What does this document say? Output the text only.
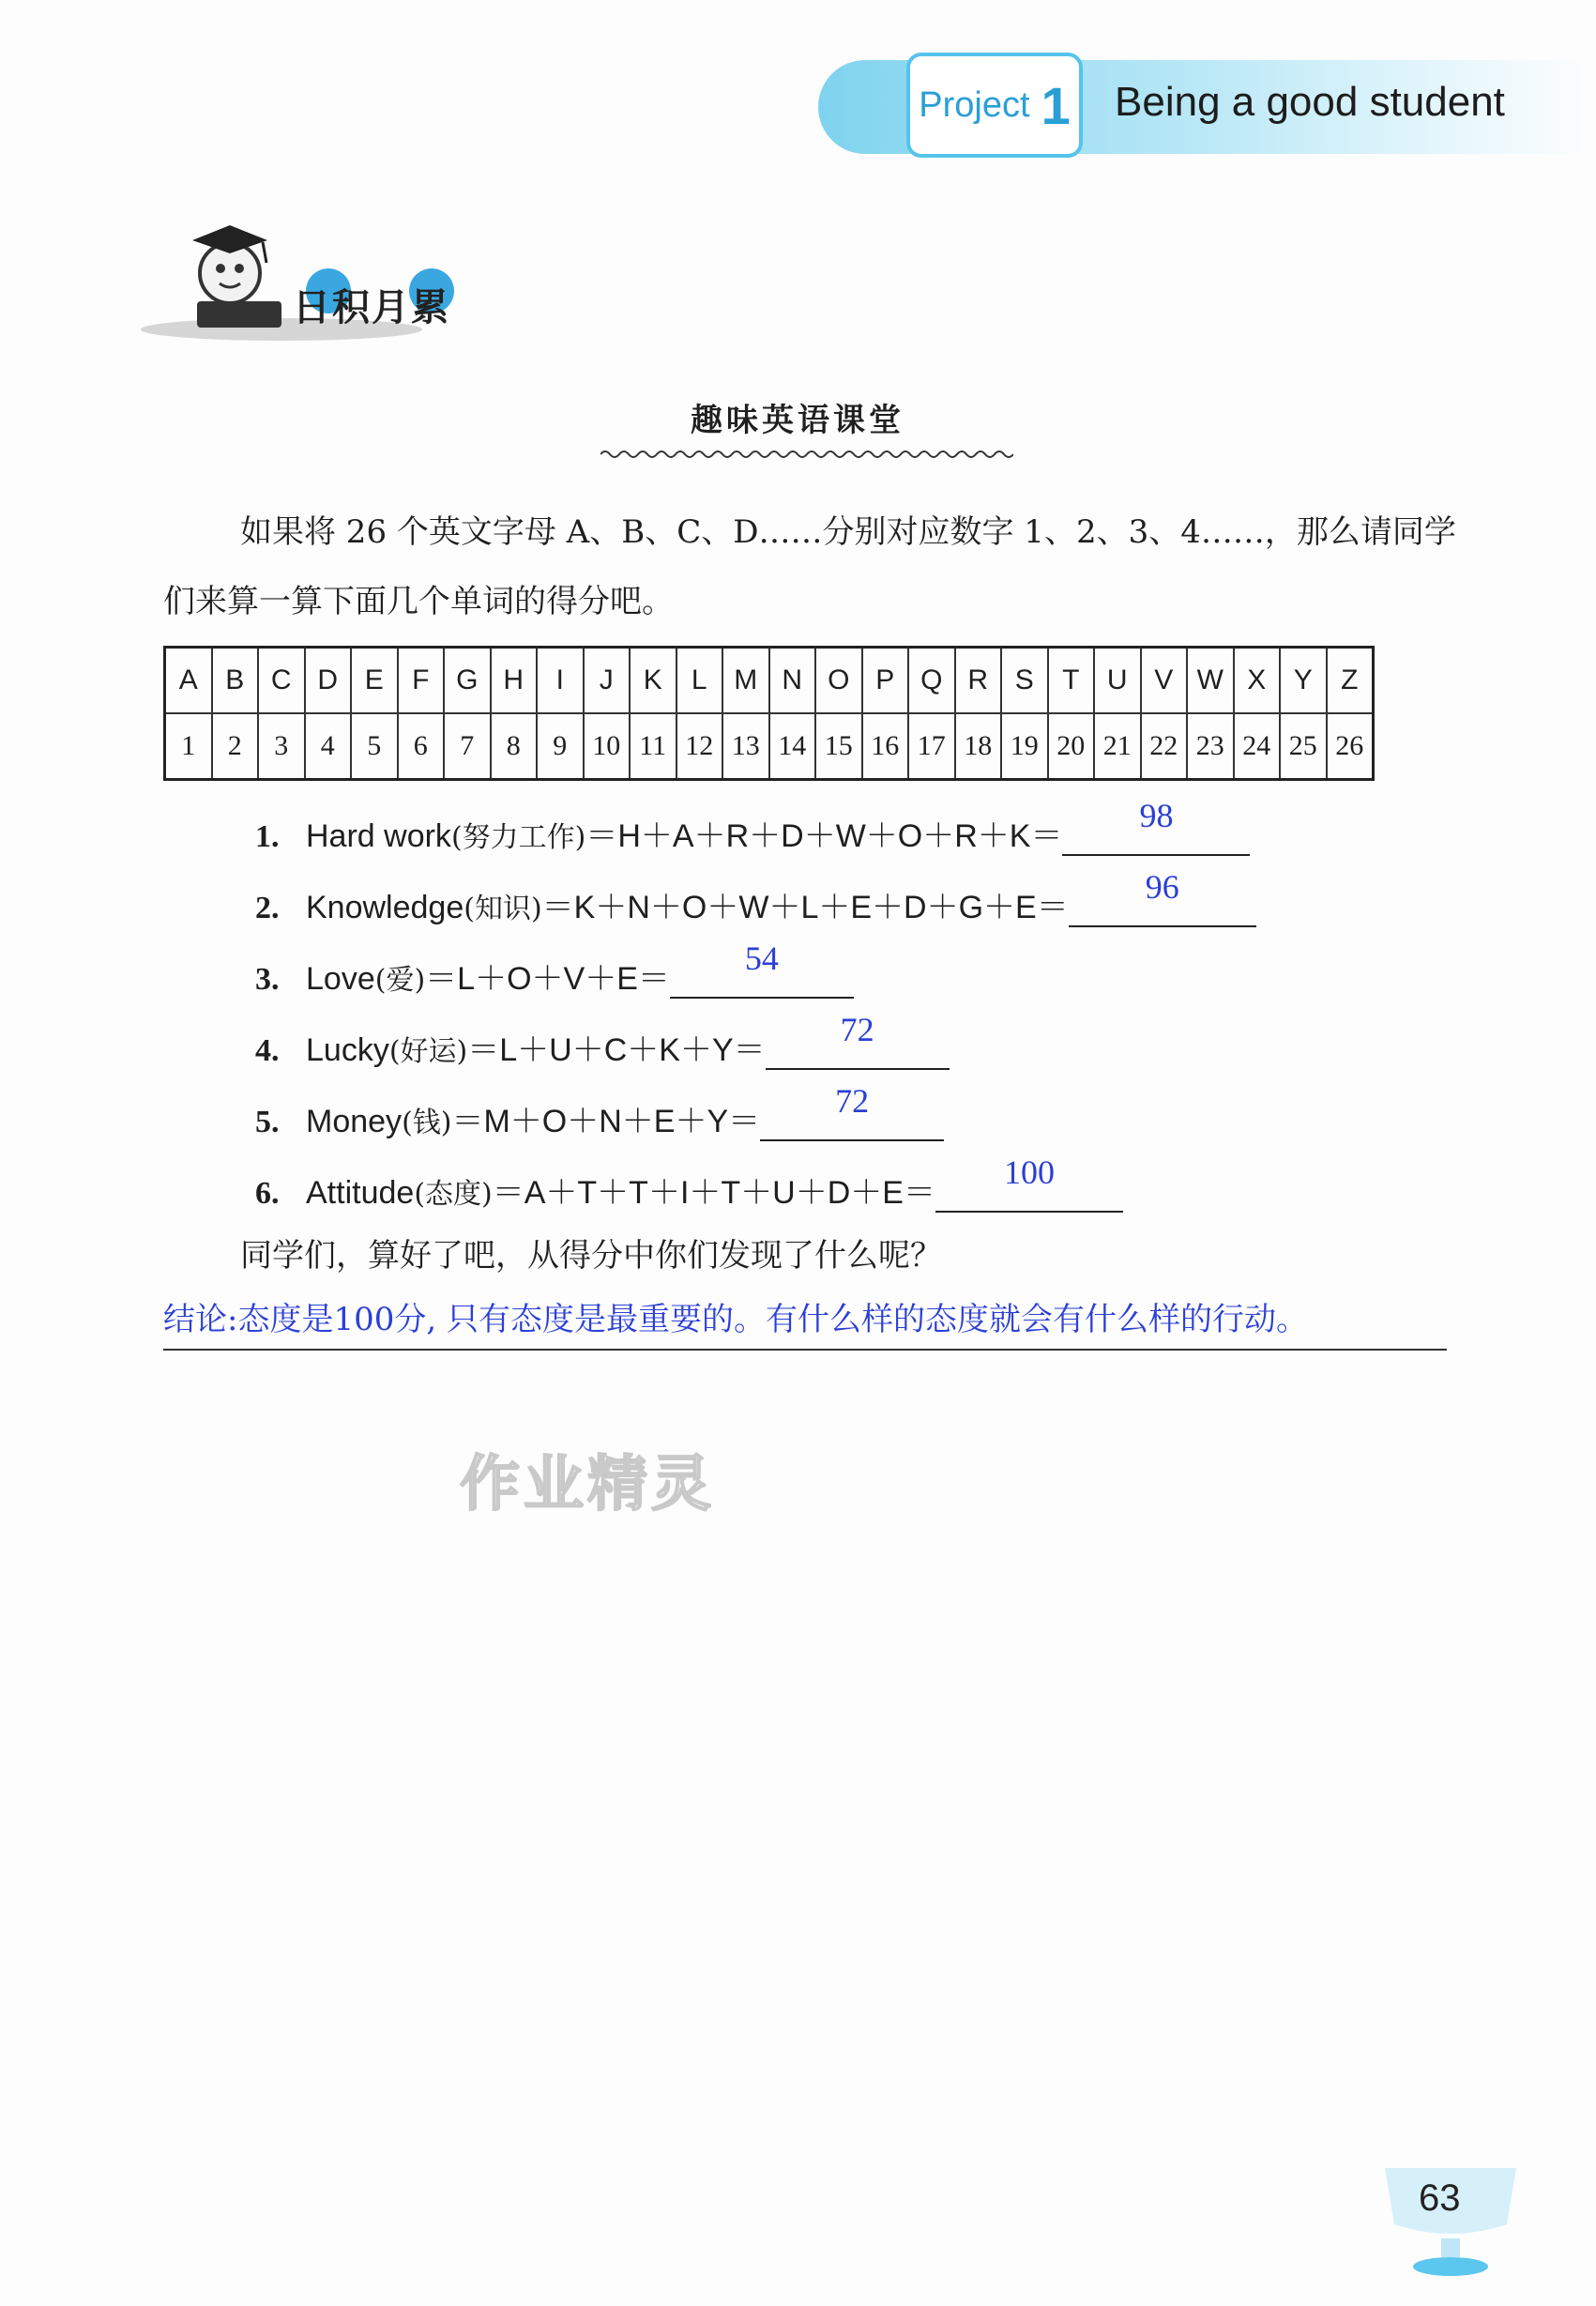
Project 1 Being a good student
日积月累
趣味英语课堂
如果将 26 个英文字母 A、B、C、D……分别对应数字 1、2、3、4……，那么请同学们来算一算下面几个单词的得分吧。
A	B	C	D	E	F	G	H	I	J	K	L	M	N	O	P	Q	R	S	T	U	V	W	X	Y	Z
1	2	3	4	5	6	7	8	9	10	11	12	13	14	15	16	17	18	19	20	21	22	23	24	25	26
1. Hard work(努力工作)＝H＋A＋R＋D＋W＋O＋R＋K＝
98
2. Knowledge(知识)＝K＋N＋O＋W＋L＋E＋D＋G＋E＝
96
3. Love(爱)＝L＋O＋V＋E＝
54
4. Lucky(好运)＝L＋U＋C＋K＋Y＝
72
5. Money(钱)＝M＋O＋N＋E＋Y＝
72
6. Attitude(态度)＝A＋T＋T＋I＋T＋U＋D＋E＝
100
同学们，算好了吧，从得分中你们发现了什么呢？
结论:态度是100分, 只有态度是最重要的。有什么样的态度就会有什么样的行动。
作业精灵
63
